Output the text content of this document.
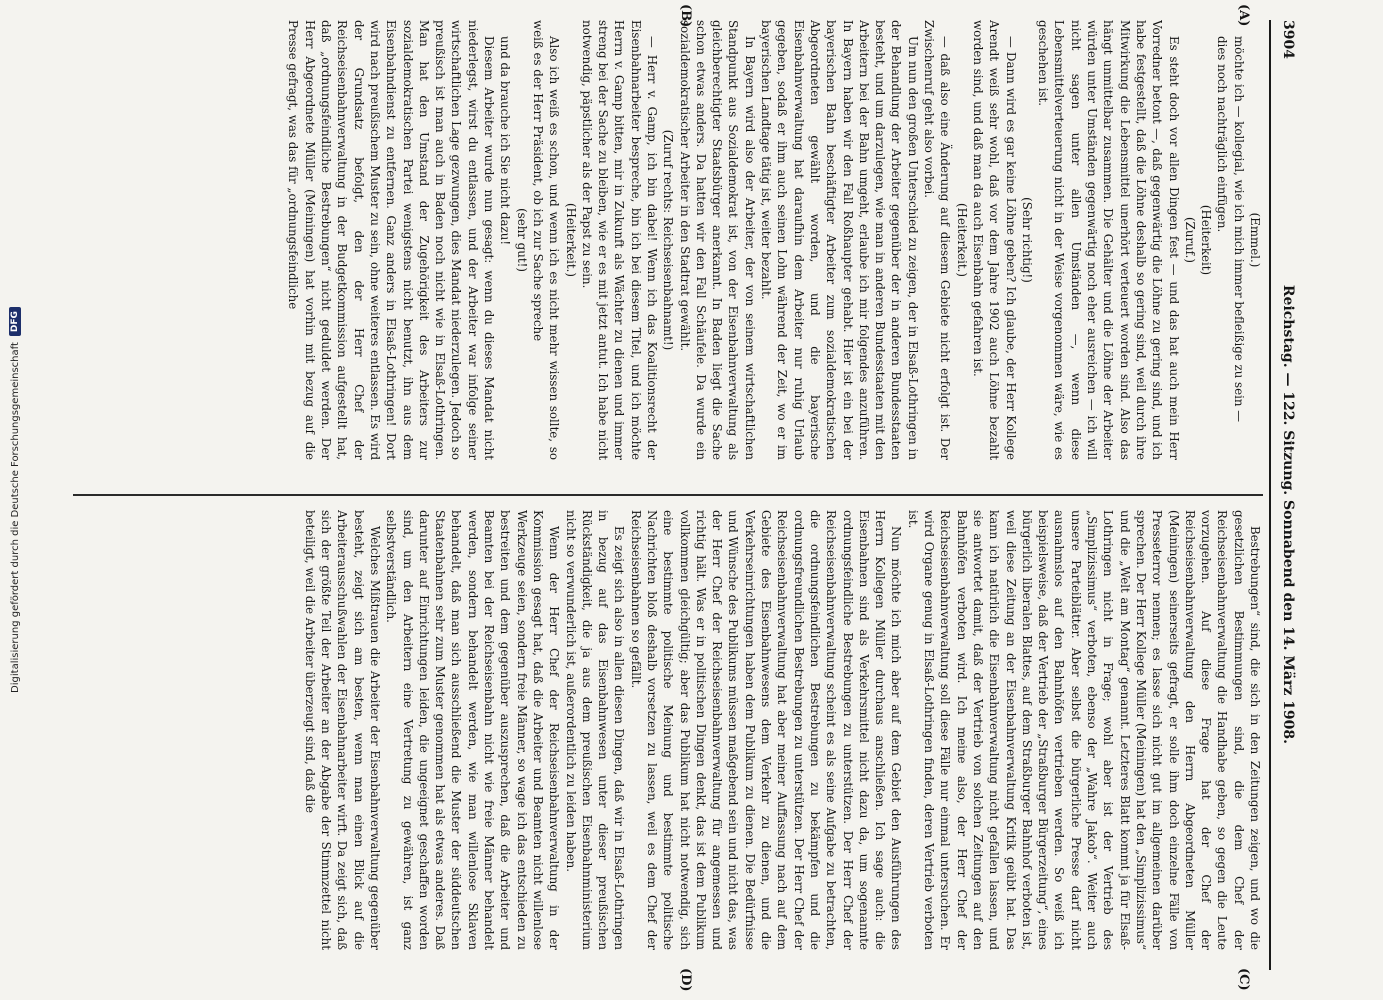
3904
Reichstag. — 122. Sitzung. Sonnabend den 14. März 1908.
(A)
(B)
(C)
(D)

(Emmel.)

möchte ich — kollegial, wie ich mich immer befleißige zu sein —

dies noch nachträglich einfügen.

(Heiterkeit)

(Zuruf.)

Es steht doch vor allen Dingen fest — und das hat auch mein Herr Vorredner betont —, daß gegenwärtig die Löhne zu gering sind, und ich habe festgestellt, daß die Löhne deshalb so gering sind, weil durch ihre Mitwirkung die Lebensmittel unerhört verteuert worden sind. Also das hängt unmittelbar zusammen. Die Gehälter und die Löhne der Arbeiter würden unter Umständen gegenwärtig noch eher ausreichen — ich will nicht sagen unter allen Umständen —, wenn diese Lebensmittelverteuerung nicht in der Weise vorgenommen wäre, wie es geschehen ist.

(Sehr richtig!)

— Dann wird es gar keine Löhne geben? Ich glaube, der Herr Kollege Arendt weiß sehr wohl, daß vor dem Jahre 1902 auch Löhne bezahlt worden sind, und daß man da auch Eisenbahn gefahren ist.

(Heiterkeit.)

— daß also eine Änderung auf diesem Gebiete nicht erfolgt ist. Der Zwischenruf geht also vorbei.

Um nun den großen Unterschied zu zeigen, der in Elsaß-Lothringen in der Behandlung der Arbeiter gegenüber der in anderen Bundesstaaten besteht, und um darzulegen, wie man in anderen Bundesstaaten mit den Arbeitern bei der Bahn umgeht, erlaube ich mir folgendes anzuführen. In Bayern haben wir den Fall Roßhaupter gehabt. Hier ist ein bei der bayerischen Bahn beschäftigter Arbeiter zum sozialdemokratischen Abgeordneten gewählt worden, und die bayerische Eisenbahnverwaltung hat daraufhin dem Arbeiter nur ruhig Urlaub gegeben, sodaß er ihm auch seinen Lohn während der Zeit, wo er im bayerischen Landtage tätig ist, weiter bezahlt.

In Bayern wird also der Arbeiter, der von seinem wirtschaftlichen Standpunkt aus Sozialdemokrat ist, von der Eisenbahnverwaltung als gleichberechtigter Staatsbürger anerkannt. In Baden liegt die Sache schon etwas anders. Da hatten wir den Fall Schäufele. Da wurde ein sozialdemokratischer Arbeiter in den Stadtrat gewählt.

(Zuruf rechts: Reichseisenbahnamt!)

— Herr v. Gamp, ich bin dabei! Wenn ich das Koalitionsrecht der Eisenbahnarbeiter bespreche, bin ich bei diesem Titel, und ich möchte Herrn v. Gamp bitten, mir in Zukunft als Wächter zu dienen und immer streng bei der Sache zu bleiben, wie er es mit jetzt antut. Ich habe nicht notwendig, päpstlicher als der Papst zu sein.

(Heiterkeit.)

Also ich weiß es schon, und wenn ich es nicht mehr wissen sollte, so weiß es der Herr Präsident, ob ich zur Sache spreche

(sehr gut!)

und da brauche ich Sie nicht dazu!

Diesem Arbeiter wurde nun gesagt: wenn du dieses Mandat nicht niederlegst, wirst du entlassen, und der Arbeiter war infolge seiner wirtschaftlichen Lage gezwungen, dies Mandat niederzulegen. Jedoch so preußisch ist man auch in Baden noch nicht wie in Elsaß-Lothringen. Man hat den Umstand der Zugehörigkeit des Arbeiters zur sozialdemokratischen Partei wenigstens nicht benutzt, ihn aus dem Eisenbahndienst zu entfernen. Ganz anders in Elsaß-Lothringen! Dort wird nach preußischem Muster zu sein, ohne weiteres entlassen. Es wird der Grundsatz befolgt, den der Herr Chef der Reichseisenbahnverwaltung in der Budgetkommission aufgestellt hat, daß „ordnungsfeindliche Bestrebungen“ nicht geduldet werden. Der Herr Abgeordnete Müller (Meiningen) hat vorhin mit bezug auf die Presse gefragt, was das für „ordnungsfeindliche

Bestrebungen“ sind, die sich in den Zeitungen zeigen, und wo die gesetzlichen Bestimmungen sind, die dem Chef der Reichseisenbahnverwaltung die Handhabe geben, so gegen die Leute vorzugehen. Auf diese Frage hat der Chef der Reichseisenbahnverwaltung den Herrn Abgeordneten Müller (Meiningen) seinerseits gefragt, er solle ihm doch einzelne Fälle von Presseterror nennen; es lasse sich nicht gut im allgemeinen darüber sprechen. Der Herr Kollege Müller (Meiningen) hat den „Simplizissimus“ und die „Welt am Montag“ genannt. Letzteres Blatt kommt ja für Elsaß-Lothringen nicht in Frage; wohl aber ist der Vertrieb des „Simplizissimus“ verboten, ebenso der „Wahre Jakob“. Weiter auch unsere Parteiblätter. Aber selbst die bürgerliche Presse darf nicht ausnahmslos auf den Bahnhöfen vertrieben werden. So weiß ich beispielsweise, daß der Vertrieb der „Straßburger Bürgerzeitung“, eines bürgerlich liberalen Blattes, auf dem Straßburger Bahnhof verboten ist, weil diese Zeitung an der Eisenbahnverwaltung Kritik geübt hat. Das kann ich natürlich die Eisenbahnverwaltung nicht gefallen lassen, und sie antwortet damit, daß der Vertrieb von solchen Zeitungen auf den Bahnhöfen verboten wird. Ich meine also, der Herr Chef der Reichseisenbahnverwaltung soll diese Fälle nur einmal untersuchen. Er wird Organe genug in Elsaß-Lothringen finden, deren Vertrieb verboten ist.

Nun möchte ich mich aber auf dem Gebiet den Ausführungen des Herrn Kollegen Müller durchaus anschließen. Ich sage auch: die Eisenbahnen sind als Verkehrsmittel nicht dazu da, um sogenannte ordnungsfeindliche Bestrebungen zu unterstützen. Der Herr Chef der Reichseisenbahnverwaltung scheint es als seine Aufgabe zu betrachten, die ordnungsfeindlichen Bestrebungen zu bekämpfen und die ordnungsfreundlichen Bestrebungen zu unterstützen. Der Herr Chef der Reichseisenbahnverwaltung hat aber meiner Auffassung nach auf dem Gebiete des Eisenbahnwesens dem Verkehr zu dienen, und die Verkehrseinrichtungen haben dem Publikum zu dienen. Die Bedürfnisse und Wünsche des Publikums müssen maßgebend sein und nicht das, was der Herr Chef der Reichseisenbahnverwaltung für angemessen und richtig hält. Was er in politischen Dingen denkt, das ist dem Publikum vollkommen gleichgültig; aber das Publikum hat nicht notwendig, sich eine bestimmte politische Meinung und bestimmte politische Nachrichten bloß deshalb vorsetzen zu lassen, weil es dem Chef der Reichseisenbahnen so gefällt.

Es zeigt sich also in allen diesen Dingen, daß wir in Elsaß-Lothringen in bezug auf das Eisenbahnwesen unter dieser preußischen Rückständigkeit, die ja aus dem preußischen Eisenbahnministerium nicht so verwunderlich ist, außerordentlich zu leiden haben.

Wenn der Herr Chef der Reichseisenbahnverwaltung in der Kommission gesagt hat, daß die Arbeiter und Beamten nicht willenlose Werkzeuge seien, sondern freie Männer, so wage ich das entschieden zu bestreiten und dem gegenüber auszusprechen, daß die Arbeiter und Beamten bei der Reichseisenbahn nicht wie freie Männer behandelt werden, sondern behandelt werden, wie man willenlose Sklaven behandelt, daß man sich ausschließend die Muster der süddeutschen Staatenbahnen sehr zum Muster genommen hat als etwas anderes. Daß darunter auf Einrichtungen leiden, die ungeeignet geschaffen worden sind, um den Arbeitern eine Vertretung zu gewähren, ist ganz selbstverständlich.

Welches Mißtrauen die Arbeiter der Eisenbahnverwaltung gegenüber besteht, zeigt sich am besten, wenn man einen Blick auf die Arbeiterausschußwahlen der Eisenbahnarbeiter wirft. Da zeigt sich, daß sich der größte Teil der Arbeiter an der Abgabe der Stimmzettel nicht beteiligt, weil die Arbeiter überzeugt sind, daß die

Digitalisierung gefördert durch die Deutsche Forschungsgemeinschaft
DFG
